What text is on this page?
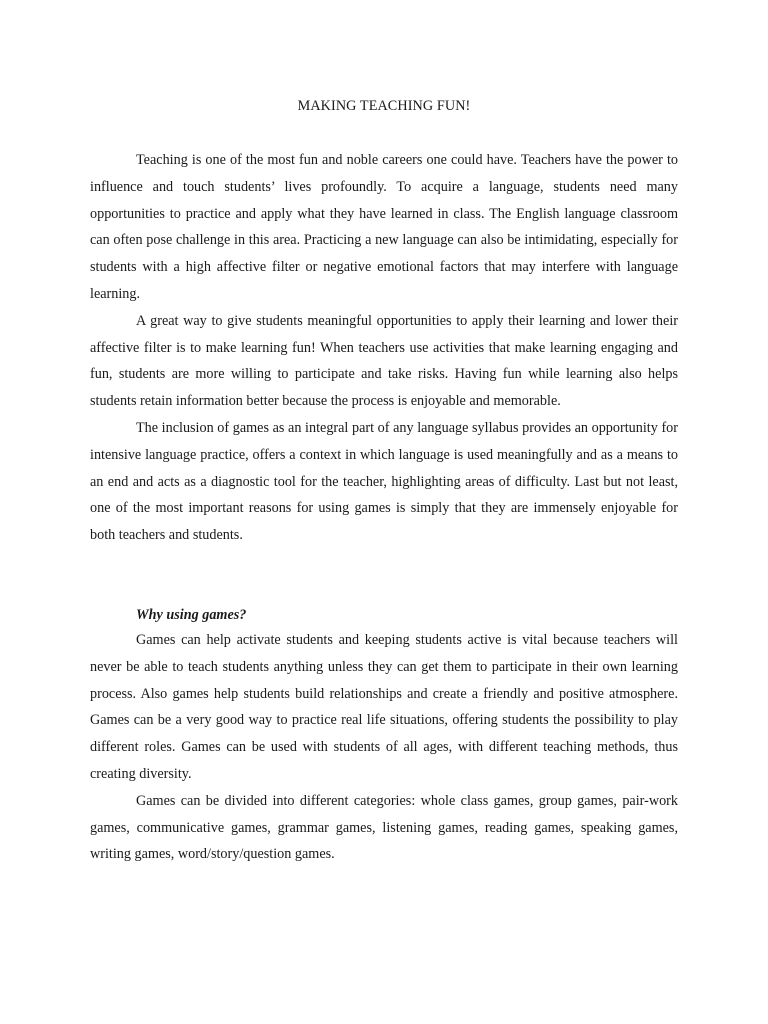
MAKING TEACHING FUN!

Teaching is one of the most fun and noble careers one could have. Teachers have the power to influence and touch students’ lives profoundly. To acquire a language, students need many opportunities to practice and apply what they have learned in class. The English language classroom can often pose challenge in this area. Practicing a new language can also be intimidating, especially for students with a high affective filter or negative emotional factors that may interfere with language learning.

A great way to give students meaningful opportunities to apply their learning and lower their affective filter is to make learning fun! When teachers use activities that make learning engaging and fun, students are more willing to participate and take risks. Having fun while learning also helps students retain information better because the process is enjoyable and memorable.

The inclusion of games as an integral part of any language syllabus provides an opportunity for intensive language practice, offers a context in which language is used meaningfully and as a means to an end and acts as a diagnostic tool for the teacher, highlighting areas of difficulty. Last but not least, one of the most important reasons for using games is simply that they are immensely enjoyable for both teachers and students.

Why using games?

Games can help activate students and keeping students active is vital because teachers will never be able to teach students anything unless they can get them to participate in their own learning process. Also games help students build relationships and create a friendly and positive atmosphere. Games can be a very good way to practice real life situations, offering students the possibility to play different roles. Games can be used with students of all ages, with different teaching methods, thus creating diversity.

Games can be divided into different categories: whole class games, group games, pair-work games, communicative games, grammar games, listening games, reading games, speaking games, writing games, word/story/question games.
